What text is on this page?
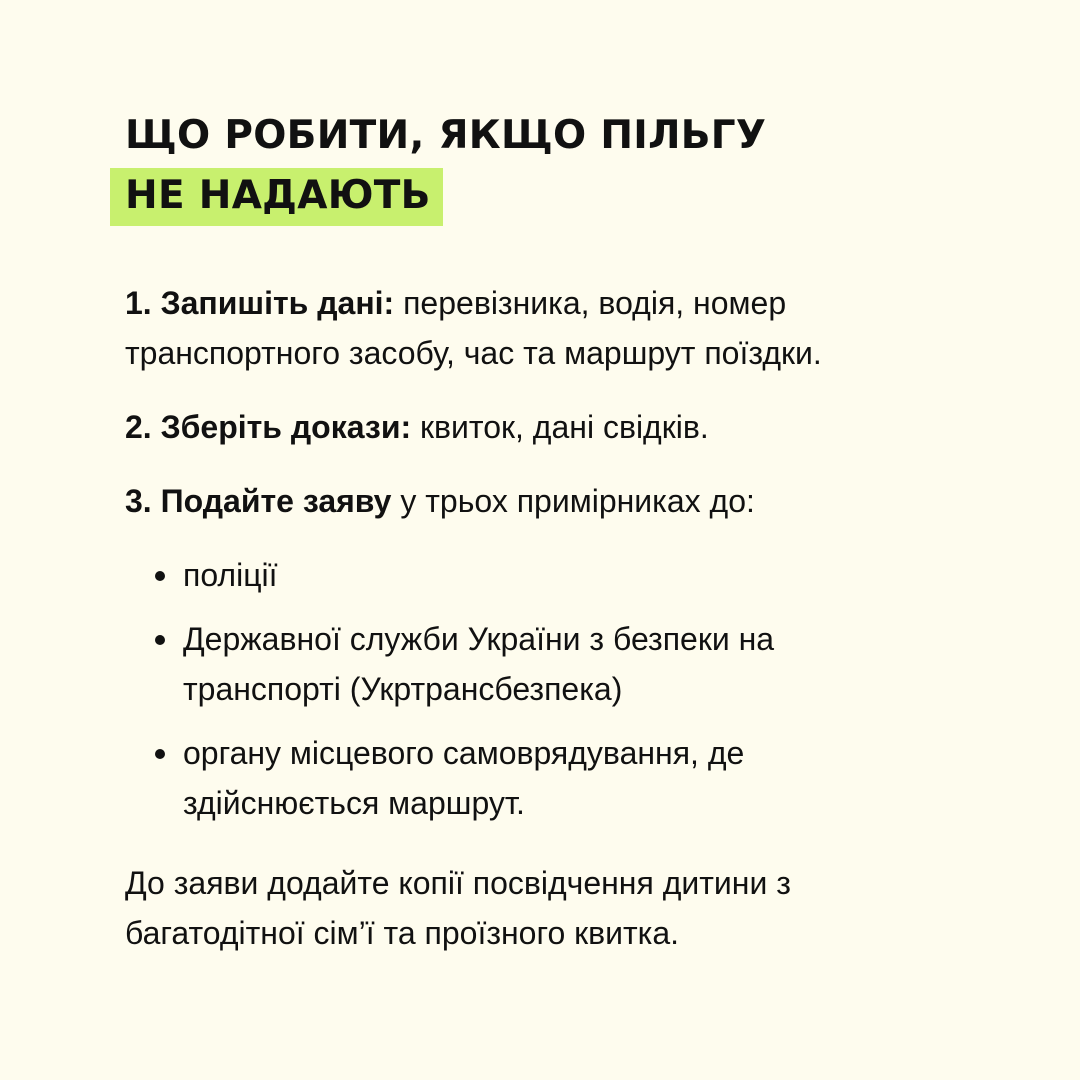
ЩО РОБИТИ, ЯКЩО ПІЛЬГУ
НЕ НАДАЮТЬ

1. Запишіть дані: перевізника, водія, номер транспортного засобу, час та маршрут поїздки.

2. Зберіть докази: квиток, дані свідків.

3. Подайте заяву у трьох примірниках до:

поліції
Державної служби України з безпеки на транспорті (Укртрансбезпека)
органу місцевого самоврядування, де здійснюється маршрут.

До заяви додайте копії посвідчення дитини з багатодітної сім’ї та проїзного квитка.
